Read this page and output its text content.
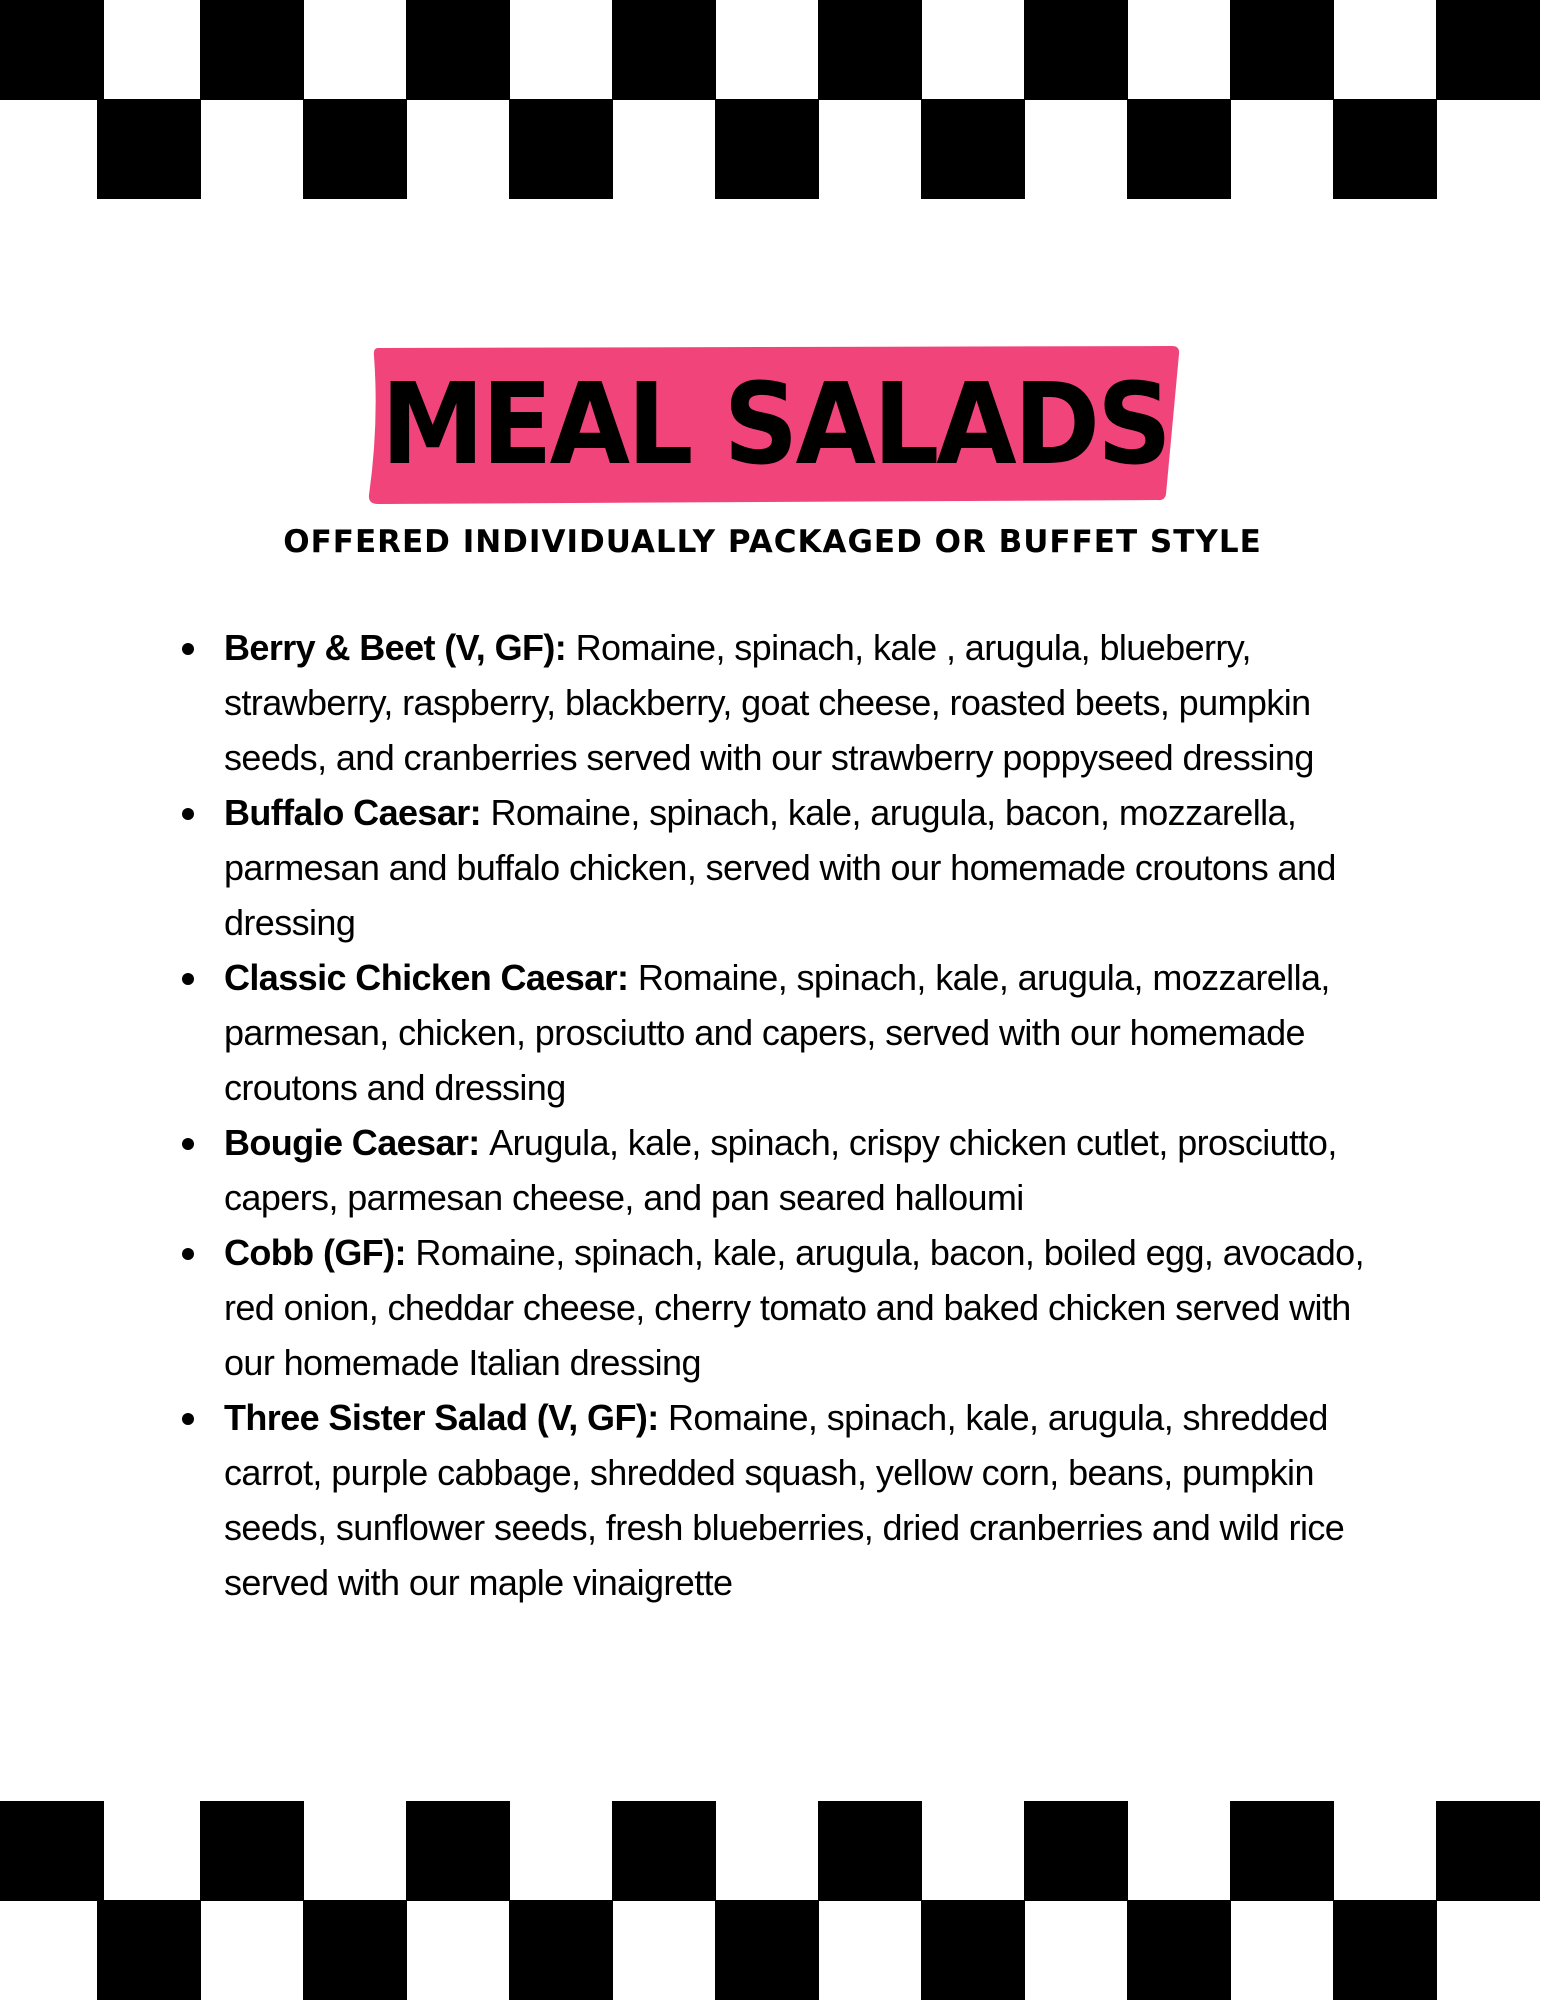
MEAL SALADS
OFFERED INDIVIDUALLY PACKAGED OR BUFFET STYLE
Berry & Beet (V, GF): Romaine, spinach, kale , arugula, blueberry, strawberry, raspberry, blackberry, goat cheese, roasted beets, pumpkin seeds, and cranberries served with our strawberry poppyseed dressing
Buffalo Caesar: Romaine, spinach, kale, arugula, bacon, mozzarella, parmesan and buffalo chicken, served with our homemade croutons and dressing
Classic Chicken Caesar: Romaine, spinach, kale, arugula, mozzarella, parmesan, chicken, prosciutto and capers, served with our homemade croutons and dressing
Bougie Caesar: Arugula, kale, spinach, crispy chicken cutlet, prosciutto, capers, parmesan cheese, and pan seared halloumi
Cobb (GF): Romaine, spinach, kale, arugula, bacon, boiled egg, avocado, red onion, cheddar cheese, cherry tomato and baked chicken served with our homemade Italian dressing
Three Sister Salad (V, GF): Romaine, spinach, kale, arugula, shredded carrot, purple cabbage, shredded squash, yellow corn, beans, pumpkin seeds, sunflower seeds, fresh blueberries, dried cranberries and wild rice served with our maple vinaigrette
